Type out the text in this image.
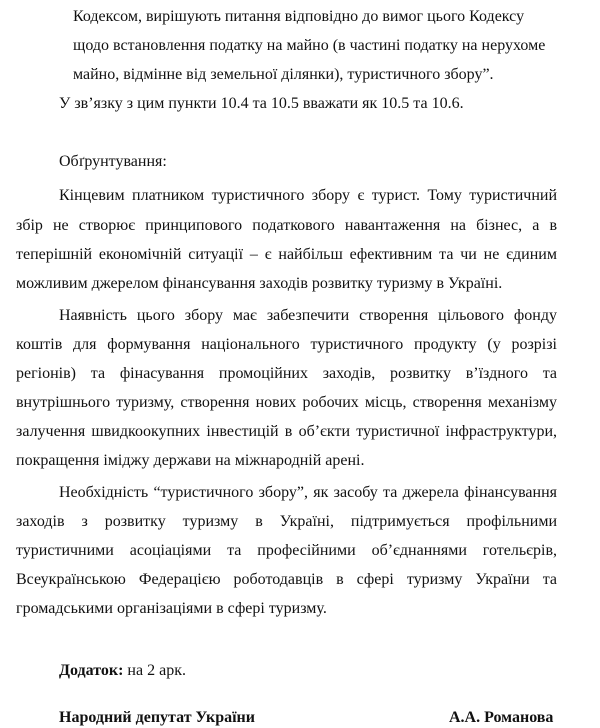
Кодексом, вирішують питання відповідно до вимог цього Кодексу
щодо встановлення податку на майно (в частині податку на нерухоме
майно, відмінне від земельної ділянки), туристичного збору”.
У зв’язку з цим пункти 10.4 та 10.5 вважати як 10.5 та 10.6.
Обґрунтування:
Кінцевим платником туристичного збору є турист. Тому туристичний
збір не створює принципового податкового навантаження на бізнес, а в
теперішній економічній ситуації – є найбільш ефективним та чи не єдиним
можливим джерелом фінансування заходів розвитку туризму в Україні.
Наявність цього збору має забезпечити створення цільового фонду
коштів для формування національного туристичного продукту (у розрізі
регіонів) та фінасування промоційних заходів, розвитку в’їздного та
внутрішнього туризму, створення нових робочих місць, створення механізму
залучення швидкоокупних інвестицій в об’єкти туристичної інфраструктури,
покращення іміджу держави на міжнародній арені.
Необхідність “туристичного збору”, як засобу та джерела фінансування
заходів з розвитку туризму в Україні, підтримується профільними
туристичними асоціаціями та професійними об’єднаннями готельєрів,
Всеукраїнською Федерацією роботодавців в сфері туризму України та
громадськими організаціями в сфері туризму.
Додаток: на 2 арк.
Народний депутат України	А.А. Романова
